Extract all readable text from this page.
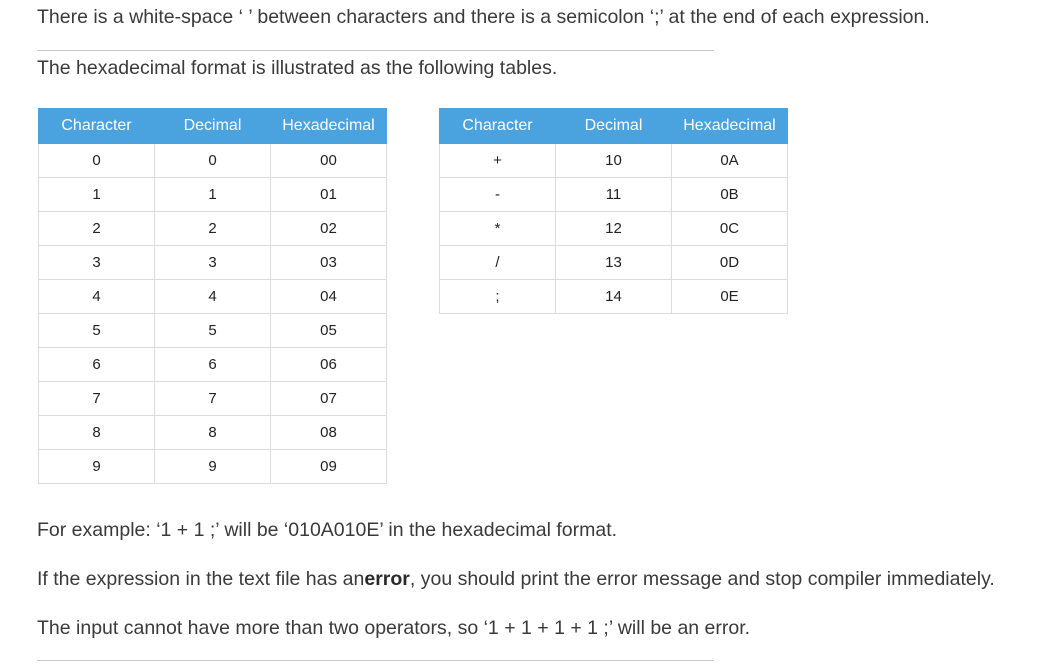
There is a white-space ‘ ’ between characters and there is a semicolon ‘;’ at the end of each expression.
The hexadecimal format is illustrated as the following tables.
Character	Decimal	Hexadecimal
0	0	00
1	1	01
2	2	02
3	3	03
4	4	04
5	5	05
6	6	06
7	7	07
8	8	08
9	9	09
Character	Decimal	Hexadecimal
+	10	0A
-	11	0B
*	12	0C
/	13	0D
;	14	0E
For example: ‘1 + 1 ;’ will be ‘010A010E’ in the hexadecimal format.
If the expression in the text file has anerror, you should print the error message and stop compiler immediately.
The input cannot have more than two operators, so ‘1 + 1 + 1 + 1 ;’ will be an error.
